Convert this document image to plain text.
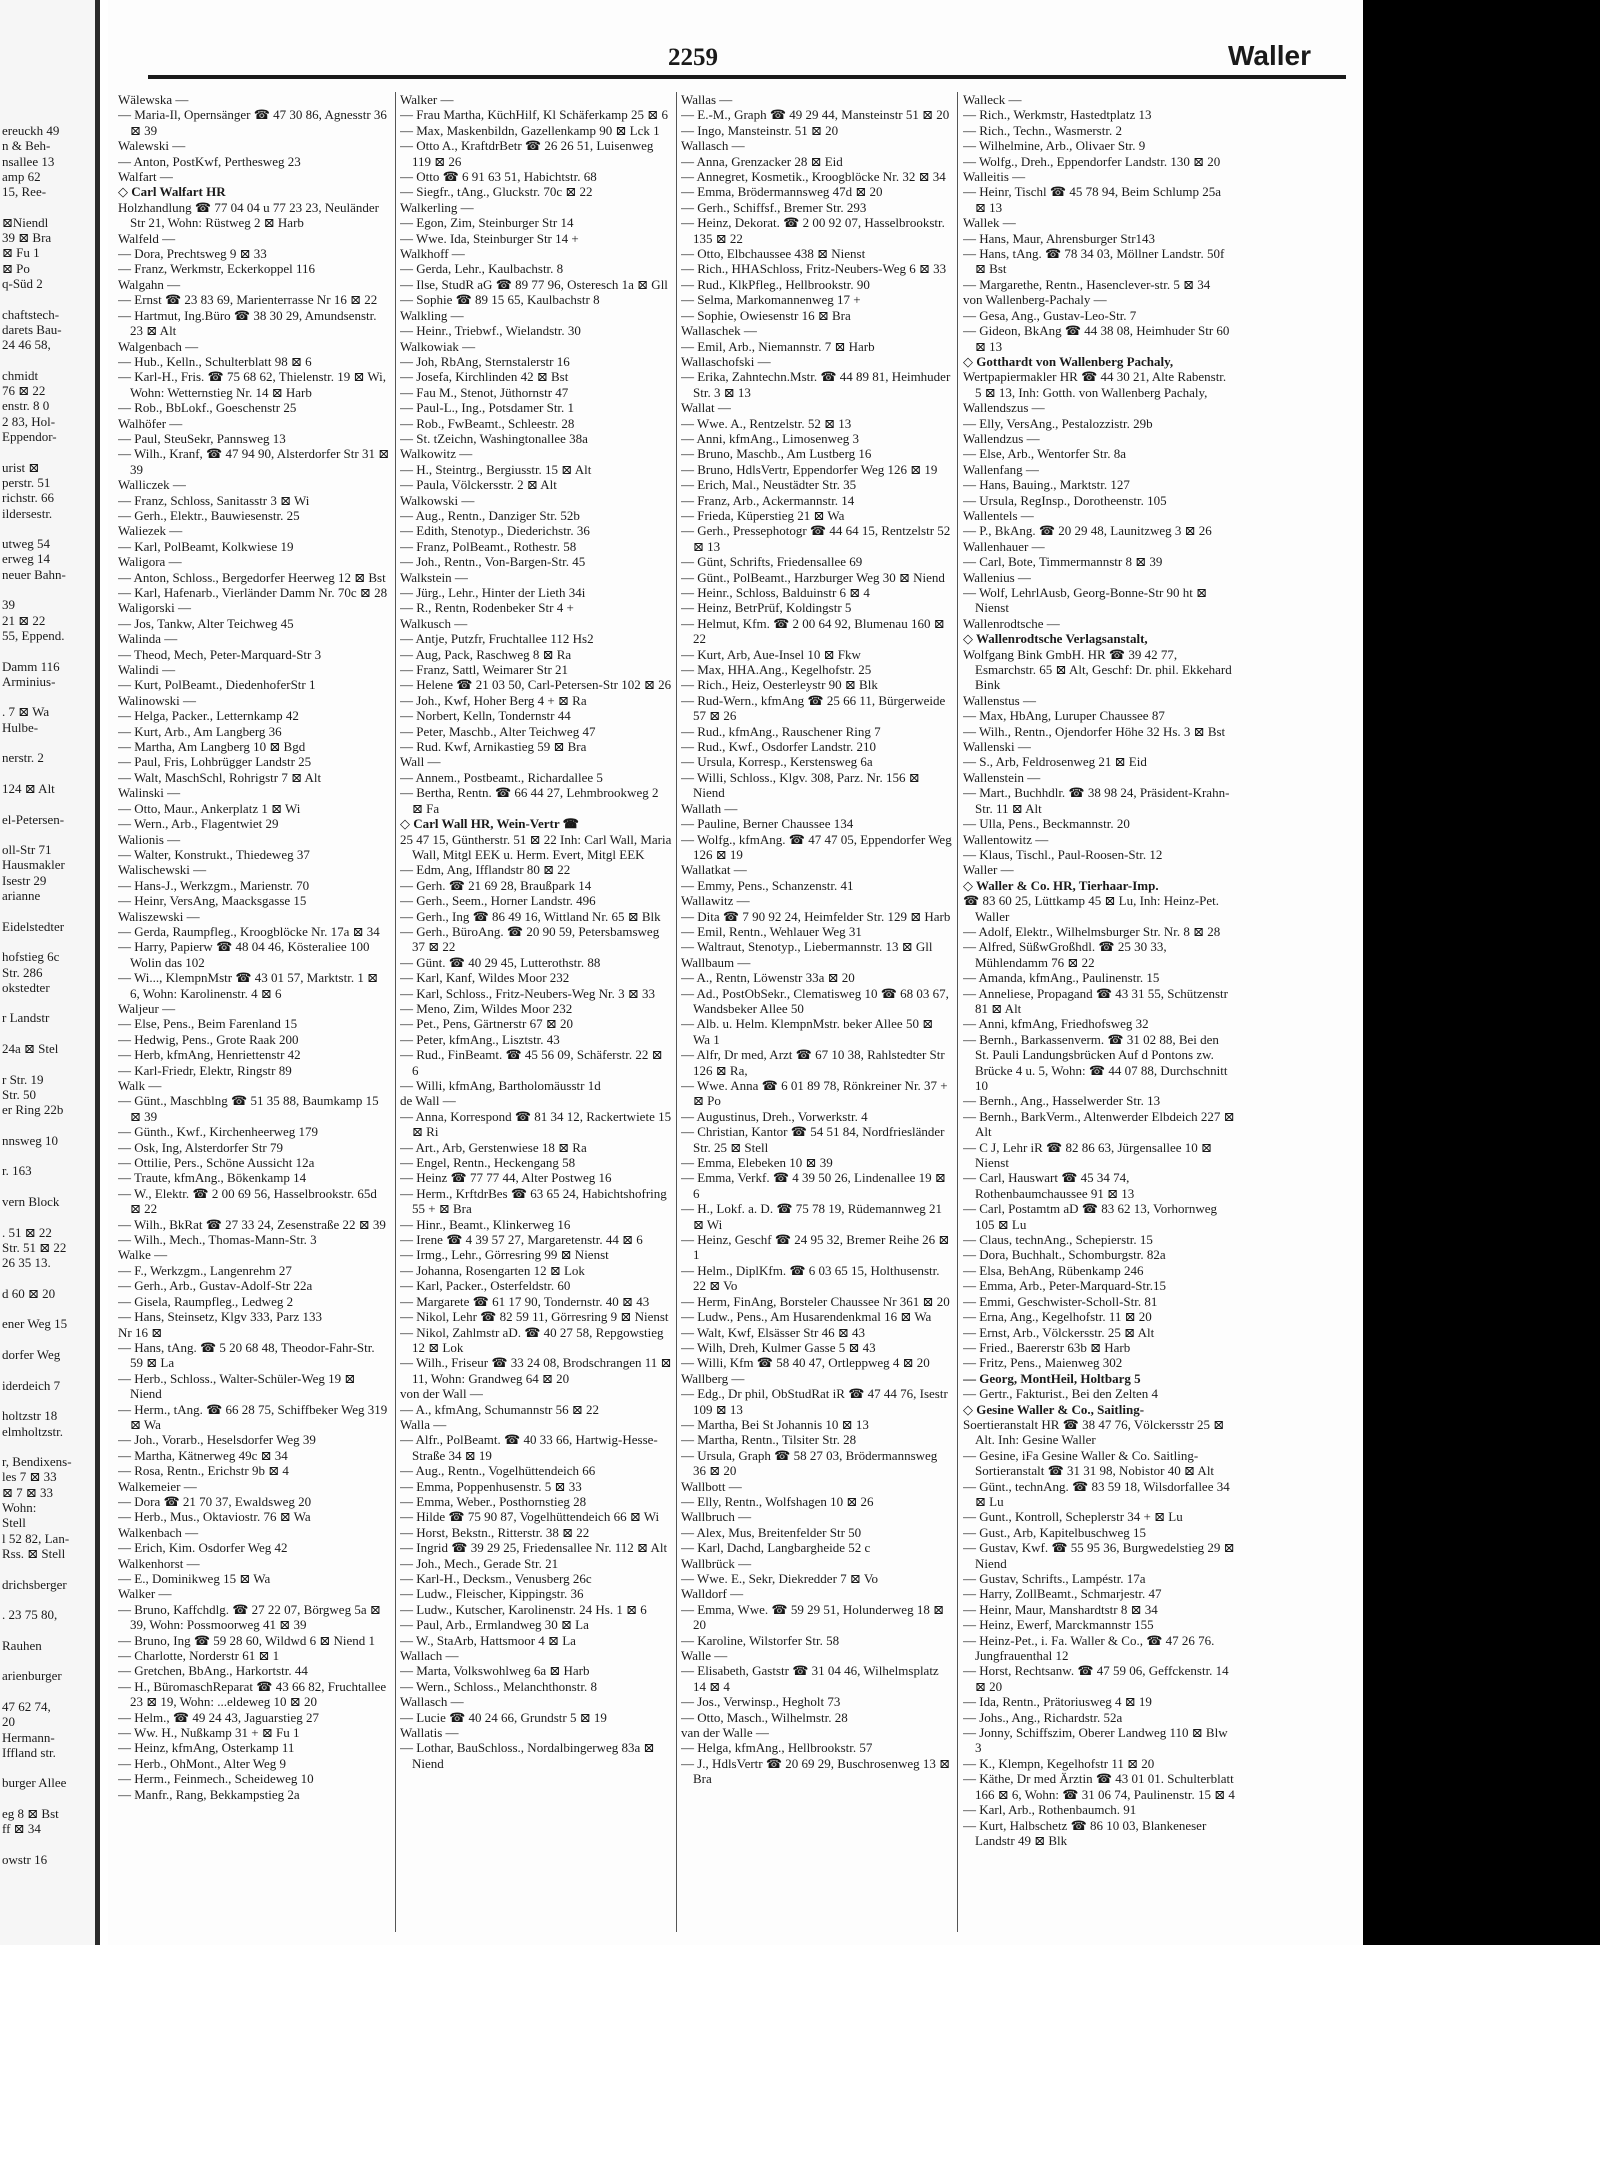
ereuckh 49
n & Beh-
nsallee 13
amp 62
15, Ree-
⊠Niendl
39 ⊠ Bra
⊠ Fu 1
⊠ Po
q-Süd 2
chaftstech-
darets Bau-
24 46 58,
chmidt
76 ⊠ 22
enstr. 8 0
2 83, Hol-
Eppendor-
urist ⊠
perstr. 51
richstr. 66
ildersestr.
utweg 54
erweg 14
neuer Bahn-
39
21 ⊠ 22
55, Eppend.
Damm 116
Arminius-
. 7 ⊠ Wa
Hulbe-
nerstr. 2
124 ⊠ Alt
el-Petersen-
oll-Str 71
Hausmakler
Isestr 29
arianne
Eidelstedter
hofstieg 6c
Str. 286
okstedter
r Landstr
24a ⊠ Stel
r Str. 19
Str. 50
er Ring 22b
nnsweg 10
r. 163
vern Block
. 51 ⊠ 22
Str. 51 ⊠ 22
26 35 13.
d 60 ⊠ 20
ener Weg 15
dorfer Weg
iderdeich 7
holtzstr 18
elmholtzstr.
r, Bendixens-
les 7 ⊠ 33
⊠ 7 ⊠ 33
Wohn:
Stell
l 52 82, Lan-
Rss. ⊠ Stell
drichsberger
. 23 75 80,
Rauhen
arienburger
47 62 74,
20
Hermann-
Iffland str.
burger Allee
eg 8 ⊠ Bst
ff ⊠ 34
owstr 16
2259	Waller

Wälewska —

— Maria-Il, Opernsänger ☎ 47 30 86, Agnesstr 36 ⊠ 39

Walewski —

— Anton, PostKwf, Perthesweg 23

Walfart —

◇ Carl Walfart HR

Holzhandlung ☎ 77 04 04 u 77 23 23, Neuländer Str 21, Wohn: Rüstweg 2 ⊠ Harb

Walfeld —

— Dora, Prechtsweg 9 ⊠ 33

— Franz, Werkmstr, Eckerkoppel 116

Walgahn —

— Ernst ☎ 23 83 69, Marienterrasse Nr 16 ⊠ 22

— Hartmut, Ing.Büro ☎ 38 30 29, Amundsenstr. 23 ⊠ Alt

Walgenbach —

— Hub., Kelln., Schulterblatt 98 ⊠ 6

— Karl-H., Fris. ☎ 75 68 62, Thielenstr. 19 ⊠ Wi, Wohn: Wetternstieg Nr. 14 ⊠ Harb

— Rob., BbLokf., Goeschenstr 25

Walhöfer —

— Paul, SteuSekr, Pannsweg 13

— Wilh., Kranf, ☎ 47 94 90, Alsterdorfer Str 31 ⊠ 39

Walliczek —

— Franz, Schloss, Sanitasstr 3 ⊠ Wi

— Gerh., Elektr., Bauwiesenstr. 25

Waliezek —

— Karl, PolBeamt, Kolkwiese 19

Waligora —

— Anton, Schloss., Bergedorfer Heerweg 12 ⊠ Bst

— Karl, Hafenarb., Vierländer Damm Nr. 70c ⊠ 28

Waligorski —

— Jos, Tankw, Alter Teichweg 45

Walinda —

— Theod, Mech, Peter-Marquard-Str 3

Walindi —

— Kurt, PolBeamt., DiedenhoferStr 1

Walinowski —

— Helga, Packer., Letternkamp 42

— Kurt, Arb., Am Langberg 36

— Martha, Am Langberg 10 ⊠ Bgd

— Paul, Fris, Lohbrügger Landstr 25

— Walt, MaschSchl, Rohrigstr 7 ⊠ Alt

Walinski —

— Otto, Maur., Ankerplatz 1 ⊠ Wi

— Wern., Arb., Flagentwiet 29

Walionis —

— Walter, Konstrukt., Thiedeweg 37

Walischewski —

— Hans-J., Werkzgm., Marienstr. 70

— Heinr, VersAng, Maacksgasse 15

Waliszewski —

— Gerda, Raumpfleg., Kroogblöcke Nr. 17a ⊠ 34

— Harry, Papierw ☎ 48 04 46, Kösteraliee 100 Wolin das 102

— Wi..., KlempnMstr ☎ 43 01 57, Marktstr. 1 ⊠ 6, Wohn: Karolinenstr. 4 ⊠ 6

Waljeur —

— Else, Pens., Beim Farenland 15

— Hedwig, Pens., Grote Raak 200

— Herb, kfmAng, Henriettenstr 42

— Karl-Friedr, Elektr, Ringstr 89

Walk —

— Günt., Maschblng ☎ 51 35 88, Baumkamp 15 ⊠ 39

— Günth., Kwf., Kirchenheerweg 179

— Osk, Ing, Alsterdorfer Str 79

— Ottilie, Pers., Schöne Aussicht 12a

— Traute, kfmAng., Bökenkamp 14

— W., Elektr. ☎ 2 00 69 56, Hasselbrookstr. 65d ⊠ 22

— Wilh., BkRat ☎ 27 33 24, Zesenstraße 22 ⊠ 39

— Wilh., Mech., Thomas-Mann-Str. 3

Walke —

— F., Werkzgm., Langenrehm 27

— Gerh., Arb., Gustav-Adolf-Str 22a

— Gisela, Raumpfleg., Ledweg 2

— Hans, Steinsetz, Klgv 333, Parz 133

Nr 16 ⊠

— Hans, tAng. ☎ 5 20 68 48, Theodor-Fahr-Str. 59 ⊠ La

— Herb., Schloss., Walter-Schüler-Weg 19 ⊠ Niend

— Herm., tAng. ☎ 66 28 75, Schiffbeker Weg 319 ⊠ Wa

— Joh., Vorarb., Heselsdorfer Weg 39

— Martha, Kätnerweg 49c ⊠ 34

— Rosa, Rentn., Erichstr 9b ⊠ 4

Walkemeier —

— Dora ☎ 21 70 37, Ewaldsweg 20

— Herb., Mus., Oktaviostr. 76 ⊠ Wa

Walkenbach —

— Erich, Kim. Osdorfer Weg 42

Walkenhorst —

— E., Dominikweg 15 ⊠ Wa

Walker —

— Bruno, Kaffchdlg. ☎ 27 22 07, Börgweg 5a ⊠ 39, Wohn: Possmoorweg 41 ⊠ 39

— Bruno, Ing ☎ 59 28 60, Wildwd 6 ⊠ Niend 1

— Charlotte, Norderstr 61 ⊠ 1

— Gretchen, BbAng., Harkortstr. 44

— H., BüromaschReparat ☎ 43 66 82, Fruchtallee 23 ⊠ 19, Wohn: ...eldeweg 10 ⊠ 20

— Helm., ☎ 49 24 43, Jaguarstieg 27

— Ww. H., Nußkamp 31 + ⊠ Fu 1

— Heinz, kfmAng, Osterkamp 11

— Herb., OhMont., Alter Weg 9

— Herm., Feinmech., Scheideweg 10

— Manfr., Rang, Bekkampstieg 2a

Walker —

— Frau Martha, KüchHilf, Kl Schäferkamp 25 ⊠ 6

— Max, Maskenbildn, Gazellenkamp 90 ⊠ Lck 1

— Otto A., KraftdrBetr ☎ 26 26 51, Luisenweg 119 ⊠ 26

— Otto ☎ 6 91 63 51, Habichtstr. 68

— Siegfr., tAng., Gluckstr. 70c ⊠ 22

Walkerling —

— Egon, Zim, Steinburger Str 14

— Wwe. Ida, Steinburger Str 14 +

Walkhoff —

— Gerda, Lehr., Kaulbachstr. 8

— Ilse, StudR aG ☎ 89 77 96, Osteresch 1a ⊠ Gll

— Sophie ☎ 89 15 65, Kaulbachstr 8

Walkling —

— Heinr., Triebwf., Wielandstr. 30

Walkowiak —

— Joh, RbAng, Sternstalerstr 16

— Josefa, Kirchlinden 42 ⊠ Bst

— Fau M., Stenot, Jüthornstr 47

— Paul-L., Ing., Potsdamer Str. 1

— Rob., FwBeamt., Schleestr. 28

— St. tZeichn, Washingtonallee 38a

Walkowitz —

— H., Steintrg., Bergiusstr. 15 ⊠ Alt

— Paula, Völckersstr. 2 ⊠ Alt

Walkowski —

— Aug., Rentn., Danziger Str. 52b

— Edith, Stenotyp., Diederichstr. 36

— Franz, PolBeamt., Rothestr. 58

— Joh., Rentn., Von-Bargen-Str. 45

Walkstein —

— Jürg., Lehr., Hinter der Lieth 34i

— R., Rentn, Rodenbeker Str 4 +

Walkusch —

— Antje, Putzfr, Fruchtallee 112 Hs2

— Aug, Pack, Raschweg 8 ⊠ Ra

— Franz, Sattl, Weimarer Str 21

— Helene ☎ 21 03 50, Carl-Petersen-Str 102 ⊠ 26

— Joh., Kwf, Hoher Berg 4 + ⊠ Ra

— Norbert, Kelln, Tondernstr 44

— Peter, Maschb., Alter Teichweg 47

— Rud. Kwf, Arnikastieg 59 ⊠ Bra

Wall —

— Annem., Postbeamt., Richardallee 5

— Bertha, Rentn. ☎ 66 44 27, Lehmbrookweg 2 ⊠ Fa

◇ Carl Wall HR, Wein-Vertr ☎

25 47 15, Güntherstr. 51 ⊠ 22 Inh: Carl Wall, Maria Wall, Mitgl EEK u. Herm. Evert, Mitgl EEK

— Edm, Ang, Ifflandstr 80 ⊠ 22

— Gerh. ☎ 21 69 28, Braußpark 14

— Gerh., Seem., Horner Landstr. 496

— Gerh., Ing ☎ 86 49 16, Wittland Nr. 65 ⊠ Blk

— Gerh., BüroAng. ☎ 20 90 59, Petersbamsweg 37 ⊠ 22

— Günt. ☎ 40 29 45, Lutterothstr. 88

— Karl, Kanf, Wildes Moor 232

— Karl, Schloss., Fritz-Neubers-Weg Nr. 3 ⊠ 33

— Meno, Zim, Wildes Moor 232

— Pet., Pens, Gärtnerstr 67 ⊠ 20

— Peter, kfmAng., Lisztstr. 43

— Rud., FinBeamt. ☎ 45 56 09, Schäferstr. 22 ⊠ 6

— Willi, kfmAng, Bartholomäusstr 1d

de Wall —

— Anna, Korrespond ☎ 81 34 12, Rackertwiete 15 ⊠ Ri

— Art., Arb, Gerstenwiese 18 ⊠ Ra

— Engel, Rentn., Heckengang 58

— Heinz ☎ 77 77 44, Alter Postweg 16

— Herm., KrftdrBes ☎ 63 65 24, Habichtshofring 55 + ⊠ Bra

— Hinr., Beamt., Klinkerweg 16

— Irene ☎ 4 39 57 27, Margaretenstr. 44 ⊠ 6

— Irmg., Lehr., Görresring 99 ⊠ Nienst

— Johanna, Rosengarten 12 ⊠ Lok

— Karl, Packer., Osterfeldstr. 60

— Margarete ☎ 61 17 90, Tondernstr. 40 ⊠ 43

— Nikol, Lehr ☎ 82 59 11, Görresring 9 ⊠ Nienst

— Nikol, Zahlmstr aD. ☎ 40 27 58, Repgowstieg 12 ⊠ Lok

— Wilh., Friseur ☎ 33 24 08, Brodschrangen 11 ⊠ 11, Wohn: Grandweg 64 ⊠ 20

von der Wall —

— A., kfmAng, Schumannstr 56 ⊠ 22

Walla —

— Alfr., PolBeamt. ☎ 40 33 66, Hartwig-Hesse-Straße 34 ⊠ 19

— Aug., Rentn., Vogelhüttendeich 66

— Emma, Poppenhusenstr. 5 ⊠ 33

— Emma, Weber., Posthornstieg 28

— Hilde ☎ 75 90 87, Vogelhüttendeich 66 ⊠ Wi

— Horst, Bekstn., Ritterstr. 38 ⊠ 22

— Ingrid ☎ 39 29 25, Friedensallee Nr. 112 ⊠ Alt

— Joh., Mech., Gerade Str. 21

— Karl-H., Decksm., Venusberg 26c

— Ludw., Fleischer, Kippingstr. 36

— Ludw., Kutscher, Karolinenstr. 24 Hs. 1 ⊠ 6

— Paul, Arb., Ermlandweg 30 ⊠ La

— W., StaArb, Hattsmoor 4 ⊠ La

Wallach —

— Marta, Volkswohlweg 6a ⊠ Harb

— Wern., Schloss., Melanchthonstr. 8

Wallasch —

— Lucie ☎ 40 24 66, Grundstr 5 ⊠ 19

Wallatis —

— Lothar, BauSchloss., Nordalbingerweg 83a ⊠ Niend

Wallas —

— E.-M., Graph ☎ 49 29 44, Mansteinstr 51 ⊠ 20

— Ingo, Mansteinstr. 51 ⊠ 20

Wallasch —

— Anna, Grenzacker 28 ⊠ Eid

— Annegret, Kosmetik., Kroogblöcke Nr. 32 ⊠ 34

— Emma, Brödermannsweg 47d ⊠ 20

— Gerh., Schiffsf., Bremer Str. 293

— Heinz, Dekorat. ☎ 2 00 92 07, Hasselbrookstr. 135 ⊠ 22

— Otto, Elbchaussee 438 ⊠ Nienst

— Rich., HHASchloss, Fritz-Neubers-Weg 6 ⊠ 33

— Rud., KlkPfleg., Hellbrookstr. 90

— Selma, Markomannenweg 17 +

— Sophie, Owiesenstr 16 ⊠ Bra

Wallaschek —

— Emil, Arb., Niemannstr. 7 ⊠ Harb

Wallaschofski —

— Erika, Zahntechn.Mstr. ☎ 44 89 81, Heimhuder Str. 3 ⊠ 13

Wallat —

— Wwe. A., Rentzelstr. 52 ⊠ 13

— Anni, kfmAng., Limosenweg 3

— Bruno, Maschb., Am Lustberg 16

— Bruno, HdlsVertr, Eppendorfer Weg 126 ⊠ 19

— Erich, Mal., Neustädter Str. 35

— Franz, Arb., Ackermannstr. 14

— Frieda, Küperstieg 21 ⊠ Wa

— Gerh., Pressephotogr ☎ 44 64 15, Rentzelstr 52 ⊠ 13

— Günt, Schrifts, Friedensallee 69

— Günt., PolBeamt., Harzburger Weg 30 ⊠ Niend

— Heinr., Schloss, Balduinstr 6 ⊠ 4

— Heinz, BetrPrüf, Koldingstr 5

— Helmut, Kfm. ☎ 2 00 64 92, Blumenau 160 ⊠ 22

— Kurt, Arb, Aue-Insel 10 ⊠ Fkw

— Max, HHA.Ang., Kegelhofstr. 25

— Rich., Heiz, Oesterleystr 90 ⊠ Blk

— Rud-Wern., kfmAng ☎ 25 66 11, Bürgerweide 57 ⊠ 26

— Rud., kfmAng., Rauschener Ring 7

— Rud., Kwf., Osdorfer Landstr. 210

— Ursula, Korresp., Kerstensweg 6a

— Willi, Schloss., Klgv. 308, Parz. Nr. 156 ⊠ Niend

Wallath —

— Pauline, Berner Chaussee 134

— Wolfg., kfmAng. ☎ 47 47 05, Eppendorfer Weg 126 ⊠ 19

Wallatkat —

— Emmy, Pens., Schanzenstr. 41

Wallawitz —

— Dita ☎ 7 90 92 24, Heimfelder Str. 129 ⊠ Harb

— Emil, Rentn., Wehlauer Weg 31

— Waltraut, Stenotyp., Liebermannstr. 13 ⊠ Gll

Wallbaum —

— A., Rentn, Löwenstr 33a ⊠ 20

— Ad., PostObSekr., Clematisweg 10 ☎ 68 03 67, Wandsbeker Allee 50

— Alb. u. Helm. KlempnMstr. beker Allee 50 ⊠ Wa 1

— Alfr, Dr med, Arzt ☎ 67 10 38, Rahlstedter Str 126 ⊠ Ra,

— Wwe. Anna ☎ 6 01 89 78, Rönkreiner Nr. 37 + ⊠ Po

— Augustinus, Dreh., Vorwerkstr. 4

— Christian, Kantor ☎ 54 51 84, Nordfriesländer Str. 25 ⊠ Stell

— Emma, Elebeken 10 ⊠ 39

— Emma, Verkf. ☎ 4 39 50 26, Lindenallee 19 ⊠ 6

— H., Lokf. a. D. ☎ 75 78 19, Rüdemannweg 21 ⊠ Wi

— Heinz, Geschf ☎ 24 95 32, Bremer Reihe 26 ⊠ 1

— Helm., DiplKfm. ☎ 6 03 65 15, Holthusenstr. 22 ⊠ Vo

— Herm, FinAng, Borsteler Chaussee Nr 361 ⊠ 20

— Ludw., Pens., Am Husarendenkmal 16 ⊠ Wa

— Walt, Kwf, Elsässer Str 46 ⊠ 43

— Wilh, Dreh, Kulmer Gasse 5 ⊠ 43

— Willi, Kfm ☎ 58 40 47, Ortleppweg 4 ⊠ 20

Wallberg —

— Edg., Dr phil, ObStudRat iR ☎ 47 44 76, Isestr 109 ⊠ 13

— Martha, Bei St Johannis 10 ⊠ 13

— Martha, Rentn., Tilsiter Str. 28

— Ursula, Graph ☎ 58 27 03, Brödermannsweg 36 ⊠ 20

Wallbott —

— Elly, Rentn., Wolfshagen 10 ⊠ 26

Wallbruch —

— Alex, Mus, Breitenfelder Str 50

— Karl, Dachd, Langbargheide 52 c

Wallbrück —

— Wwe. E., Sekr, Diekredder 7 ⊠ Vo

Walldorf —

— Emma, Wwe. ☎ 59 29 51, Holunderweg 18 ⊠ 20

— Karoline, Wilstorfer Str. 58

Walle —

— Elisabeth, Gaststr ☎ 31 04 46, Wilhelmsplatz 14 ⊠ 4

— Jos., Verwinsp., Hegholt 73

— Otto, Masch., Wilhelmstr. 28

van der Walle —

— Helga, kfmAng., Hellbrookstr. 57

— J., HdlsVertr ☎ 20 69 29, Buschrosenweg 13 ⊠ Bra

Walleck —

— Rich., Werkmstr, Hastedtplatz 13

— Rich., Techn., Wasmerstr. 2

— Wilhelmine, Arb., Olivaer Str. 9

— Wolfg., Dreh., Eppendorfer Landstr. 130 ⊠ 20

Walleitis —

— Heinr, Tischl ☎ 45 78 94, Beim Schlump 25a ⊠ 13

Wallek —

— Hans, Maur, Ahrensburger Str143

— Hans, tAng. ☎ 78 34 03, Möllner Landstr. 50f ⊠ Bst

— Margarethe, Rentn., Hasenclever-str. 5 ⊠ 34

von Wallenberg-Pachaly —

— Gesa, Ang., Gustav-Leo-Str. 7

— Gideon, BkAng ☎ 44 38 08, Heimhuder Str 60 ⊠ 13

◇ Gotthardt von Wallenberg Pachaly,

Wertpapiermakler HR ☎ 44 30 21, Alte Rabenstr. 5 ⊠ 13, Inh: Gotth. von Wallenberg Pachaly,

Wallendszus —

— Elly, VersAng., Pestalozzistr. 29b

Wallendzus —

— Else, Arb., Wentorfer Str. 8a

Wallenfang —

— Hans, Bauing., Marktstr. 127

— Ursula, RegInsp., Dorotheenstr. 105

Wallentels —

— P., BkAng. ☎ 20 29 48, Launitzweg 3 ⊠ 26

Wallenhauer —

— Carl, Bote, Timmermannstr 8 ⊠ 39

Wallenius —

— Wolf, LehrlAusb, Georg-Bonne-Str 90 ht ⊠ Nienst

Wallenrodtsche —

◇ Wallenrodtsche Verlagsanstalt,

Wolfgang Bink GmbH. HR ☎ 39 42 77, Esmarchstr. 65 ⊠ Alt, Geschf: Dr. phil. Ekkehard Bink

Wallenstus —

— Max, HbAng, Luruper Chaussee 87

— Wilh., Rentn., Ojendorfer Höhe 32 Hs. 3 ⊠ Bst

Wallenski —

— S., Arb, Feldrosenweg 21 ⊠ Eid

Wallenstein —

— Mart., Buchhdlr. ☎ 38 98 24, Präsident-Krahn-Str. 11 ⊠ Alt

— Ulla, Pens., Beckmannstr. 20

Wallentowitz —

— Klaus, Tischl., Paul-Roosen-Str. 12

Waller —

◇ Waller & Co. HR, Tierhaar-Imp.

☎ 83 60 25, Lüttkamp 45 ⊠ Lu, Inh: Heinz-Pet. Waller

— Adolf, Elektr., Wilhelmsburger Str. Nr. 8 ⊠ 28

— Alfred, SüßwGroßhdl. ☎ 25 30 33, Mühlendamm 76 ⊠ 22

— Amanda, kfmAng., Paulinenstr. 15

— Anneliese, Propagand ☎ 43 31 55, Schützenstr 81 ⊠ Alt

— Anni, kfmAng, Friedhofsweg 32

— Bernh., Barkassenverm. ☎ 31 02 88, Bei den St. Pauli Landungsbrücken Auf d Pontons zw. Brücke 4 u. 5, Wohn: ☎ 44 07 88, Durchschnitt 10

— Bernh., Ang., Hasselwerder Str. 13

— Bernh., BarkVerm., Altenwerder Elbdeich 227 ⊠ Alt

— C J, Lehr iR ☎ 82 86 63, Jürgensallee 10 ⊠ Nienst

— Carl, Hauswart ☎ 45 34 74, Rothenbaumchaussee 91 ⊠ 13

— Carl, Postamtm aD ☎ 83 62 13, Vorhornweg 105 ⊠ Lu

— Claus, technAng., Schepierstr. 15

— Dora, Buchhalt., Schomburgstr. 82a

— Elsa, BehAng, Rübenkamp 246

— Emma, Arb., Peter-Marquard-Str.15

— Emmi, Geschwister-Scholl-Str. 81

— Erna, Ang., Kegelhofstr. 11 ⊠ 20

— Ernst, Arb., Völckersstr. 25 ⊠ Alt

— Fried., Baererstr 63b ⊠ Harb

— Fritz, Pens., Maienweg 302

— Georg, MontHeil, Holtbarg 5

— Gertr., Fakturist., Bei den Zelten 4

◇ Gesine Waller & Co., Saitling-

Soertieranstalt HR ☎ 38 47 76, Völckersstr 25 ⊠ Alt. Inh: Gesine Waller

— Gesine, iFa Gesine Waller & Co. Saitling-Sortieranstalt ☎ 31 31 98, Nobistor 40 ⊠ Alt

— Günt., technAng. ☎ 83 59 18, Wilsdorfallee 34 ⊠ Lu

— Gunt., Kontroll, Scheplerstr 34 + ⊠ Lu

— Gust., Arb, Kapitelbuschweg 15

— Gustav, Kwf. ☎ 55 95 36, Burgwedelstieg 29 ⊠ Niend

— Gustav, Schrifts., Lampéstr. 17a

— Harry, ZollBeamt., Schmarjestr. 47

— Heinr, Maur, Manshardtstr 8 ⊠ 34

— Heinz, Ewerf, Marckmannstr 155

— Heinz-Pet., i. Fa. Waller & Co., ☎ 47 26 76. Jungfrauenthal 12

— Horst, Rechtsanw. ☎ 47 59 06, Geffckenstr. 14 ⊠ 20

— Ida, Rentn., Prätoriusweg 4 ⊠ 19

— Johs., Ang., Richardstr. 52a

— Jonny, Schiffszim, Oberer Landweg 110 ⊠ Blw 3

— K., Klempn, Kegelhofstr 11 ⊠ 20

— Käthe, Dr med Ärztin ☎ 43 01 01. Schulterblatt 166 ⊠ 6, Wohn: ☎ 31 06 74, Paulinenstr. 15 ⊠ 4

— Karl, Arb., Rothenbaumch. 91

— Kurt, Halbschetz ☎ 86 10 03, Blankeneser Landstr 49 ⊠ Blk
